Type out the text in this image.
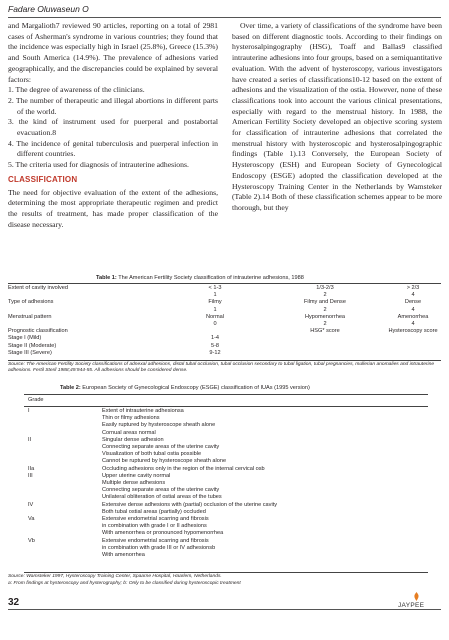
Fadare Oluwaseun O

and Margalioth7 reviewed 90 articles, reporting on a total of 2981 cases of Asherman's syndrome in various countries; they found that the incidence was especially high in Israel (25.8%), Greece (15.3%) and South America (14.9%). The prevalence of adhesions varied geographically, and the discrepancies could be explained by several factors:

1. The degree of awareness of the clinicians.
2. The number of therapeutic and illegal abortions in different parts of the world.
3. the kind of instrument used for puerperal and postabortal evacuation.8
4. The incidence of genital tuberculosis and puerperal infection in different countries.
5. The criteria used for diagnosis of intrauterine adhesions.
CLASSIFICATION

The need for objective evaluation of the extent of the adhesions, determining the most appropriate therapeutic regimen and predict the results of treatment, has made proper classification of the disease necessary.

Over time, a variety of classifications of the syndrome have been based on different diagnostic tools. According to their findings on hysterosalpingography (HSG), Toaff and Ballas9 classified intrauterine adhesions into four groups, based on a semiquantitative evaluation. With the advent of hysteroscopy, various investigators have created a series of classifications10-12 based on the extent of adhesions and the visualization of the ostia. However, none of these classifications took into account the various clinical presentations, especially with regard to the menstrual history. In 1988, the American Fertility Society developed an objective scoring system for classification of intrauterine adhesions that correlated the menstrual history with hysteroscopic and hysterosalpingographic findings (Table 1).13 Conversely, the European Society of Hysteroscopy (ESH) and European Society of Gynecological Endoscopy (ESGE) adopted the classification developed at the Hysteroscopy Training Center in the Netherlands by Wamsteker (Table 2).14 Both of these classification schemes appear to be more thorough, but they

Table 1: The American Fertility Society classification of intrauterine adhesions, 1988
Extent of cavity involved	< 1-3	1/3-2/3	> 2/3
	1	2	4
Type of adhesions	Filmy	Filmy and Dense	Dense
	1	2	4
Menstrual pattern	Normal	Hypomenorrhea	Amenorrhea
	0	2	4
Prognostic classification		HSG* score	Hysteroscopy score
Stage I (Mild)	1-4		
Stage II (Moderate)	5-8		
Stage III (Severe)	9-12		
Source: The American Fertility Society classifications of adnexal adhesions, distal tubal occlusion, tubal occlusion secondary to tubal ligation, tubal pregnancies, mullerian anomalies and intrauterine adhesions. Fertil Steril 1988;49:944-55. All adhesions should be considered dense.
Table 2: European Society of Gynecological Endoscopy (ESGE) classification of IUAs (1995 version)
Grade
I	Extent of intrauterine adhesionsa
Thin or filmy adhesions
Easily ruptured by hysteroscope sheath alone
Cornual areas normal

II	Singular dense adhesion
Connecting separate areas of the uterine cavity
Visualization of both tubal ostia possible
Cannot be ruptured by hysteroscope sheath alone

IIa	Occluding adhesions only in the region of the internal cervical osb

III	Upper uterine cavity normal
Multiple dense adhesions

	Connecting separate areas of the uterine cavity
Unilateral obliteration of ostial areas of the tubes

IV	Extensive dense adhesions with (partial) occlusion of the uterine cavity
Both tubal ostial areas (partially) occluded

Va	Extensive endometrial scarring and fibrosis
in combination with grade I or II adhesions
With amenorrhea or pronounced hypomenorrhea

Vb	Extensive endometrial scarring and fibrosis
in combination with grade III or IV adhesionsb
With amenorrhea
Source: Wamsteker 1997, Hysteroscopy Training Center, Spaarne Hospital, Haarlem, Netherlands.
a: From findings at hysteroscopy and hysterography; b: Only to be classified during hysteroscopic treatment
32	JAYPEE
